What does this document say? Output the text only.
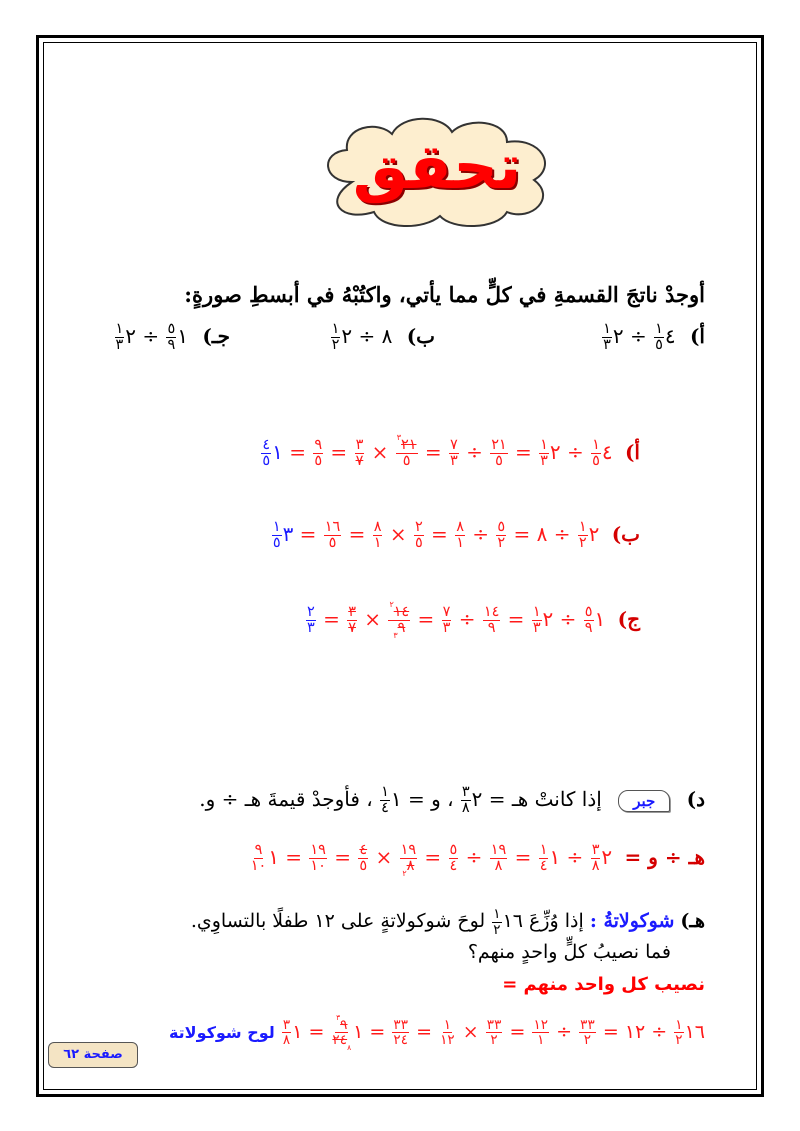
تحقق
أوجدْ ناتجَ القسمةِ في كلٍّ مما يأتي، واكتُبْهُ في أبسطِ صورةٍ:
أ) ٤
$\frac{١}{٥}$
÷ ٢
$\frac{١}{٣}$
ب) ٨ ÷ ٢
$\frac{١}{٢}$
جـ) ١
$\frac{٥}{٩}$
÷ ٢
$\frac{١}{٣}$
أ) ٤
$\frac{١}{٥}$
÷ ٢
$\frac{١}{٣}$
=
$\frac{٢١}{٥}$
÷
$\frac{٧}{٣}$
=
$\frac{^٣٢١}{٥}$
×
$\frac{٣}{٧}$
=
$\frac{٩}{٥}$
= ١
$\frac{٤}{٥}$
ب) ٢
$\frac{١}{٢}$
÷ ٨ =
$\frac{٥}{٢}$
÷
$\frac{٨}{١}$
=
$\frac{٢}{٥}$
×
$\frac{٨}{١}$
=
$\frac{١٦}{٥}$
= ٣
$\frac{١}{٥}$
ج) ١
$\frac{٥}{٩}$
÷ ٢
$\frac{١}{٣}$
=
$\frac{١٤}{٩}$
÷
$\frac{٧}{٣}$
=
$\frac{^٢١٤}{_٣٩}$
×
$\frac{٣}{٧}$
=
$\frac{٢}{٣}$
د) جبر إذا كانتْ هـ = ٢
$\frac{٣}{٨}$
، و = ١
$\frac{١}{٤}$
، فأوجدْ قيمةَ هـ ÷ و.
هـ ÷ و = ٢
$\frac{٣}{٨}$
÷ ١
$\frac{١}{٤}$
=
$\frac{١٩}{٨}$
÷
$\frac{٥}{٤}$
=
$\frac{١٩}{_٢٨}$
×
$\frac{٤}{٥}$
=
$\frac{١٩}{١٠}$
= ١
$\frac{٩}{١٠}$
هـ) شوكولاتةُ : إذا وُزِّعَ ١٦
$\frac{١}{٢}$
لوحَ شوكولاتةٍ على ١٢ طفلًا بالتساوِي.
فما نصيبُ كلٍّ واحدٍ منهم؟
نصيب كل واحد منهم =
١٦
$\frac{١}{٢}$
÷ ١٢ =
$\frac{٣٣}{٢}$
÷
$\frac{١٢}{١}$
=
$\frac{٣٣}{٢}$
×
$\frac{١}{١٢}$
=
$\frac{٣٣}{٢٤}$
= ١
$\frac{^٣٩}{٢٤_٨}$
= ١
$\frac{٣}{٨}$
لوح شوكولاتة
صفحة ٦٢
